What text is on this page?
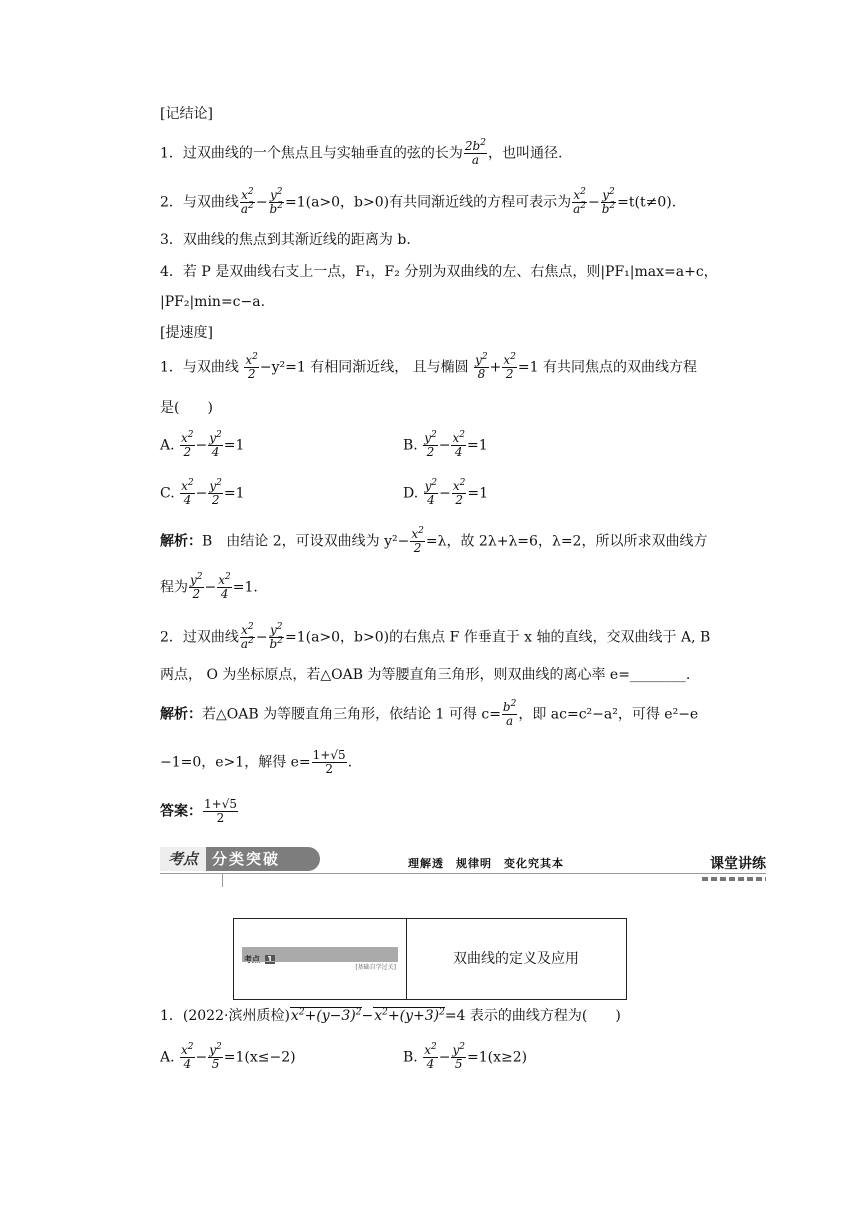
[记结论]
1．过双曲线的一个焦点且与实轴垂直的弦的长为 $\frac{2b^2}{a}$ ，也叫通径.
2．与双曲线 $\frac{x^2}{a^2} - \frac{y^2}{b^2} =1(a>0$，b>0)有共同渐近线的方程可表示为 $\frac{x^2}{a^2} - \frac{y^2}{b^2} =t(t\ne 0)$.
3．双曲线的焦点到其渐近线的距离为 b.
4．若 P 是双曲线右支上一点，F₁，F₂ 分别为双曲线的左、右焦点，则|PF₁|max=a+c，
|PF₂|min=c−a.
[提速度]
1．与双曲线 $\frac{x^2}{2} -y^2=1$ 有相同渐近线， 且与椭圆 $\frac{y^2}{8} + \frac{x^2}{2} =1$ 有共同焦点的双曲线方程
是(　　)
A. $\frac{x^2}{2} - \frac{y^2}{4} =1$	B. $\frac{y^2}{2} - \frac{x^2}{4} =1$
C. $\frac{x^2}{4} - \frac{y^2}{2} =1$	D. $\frac{y^2}{4} - \frac{x^2}{2} =1$
解析：B　由结论 2，可设双曲线为 $y^2- \frac{x^2}{2} =\lambda$，故 2λ+λ=6，λ=2，所以所求双曲线方
程为 $\frac{y^2}{2} - \frac{x^2}{4} =1$.
2．过双曲线 $\frac{x^2}{a^2} - \frac{y^2}{b^2} =1(a>0$，b>0)的右焦点 F 作垂直于 x 轴的直线，交双曲线于 A, B
两点， O 为坐标原点，若△OAB 为等腰直角三角形，则双曲线的离心率 e=________.
解析：若△OAB 为等腰直角三角形，依结论 1 可得 $c= \frac{b^2}{a}$ ，即 ac=c²−a²，可得 e²−e
−1=0，e>1，解得 $e= \frac{1+√5}{2}$ .
答案： $\frac{1+√5}{2}$
考点 分类突破	理解透　规律明　变化究其本	课堂讲练
考点 1
[基础自学过关]
双曲线的定义及应用
1．(2022·滨州质检)$x^2+(y-3)^2-x^2+(y+3)^2=4$ 表示的曲线方程为(　　)
A. $\frac{x^2}{4} - \frac{y^2}{5} =1(x\le-2)$	B. $\frac{x^2}{4} - \frac{y^2}{5} =1(x\ge 2)$
